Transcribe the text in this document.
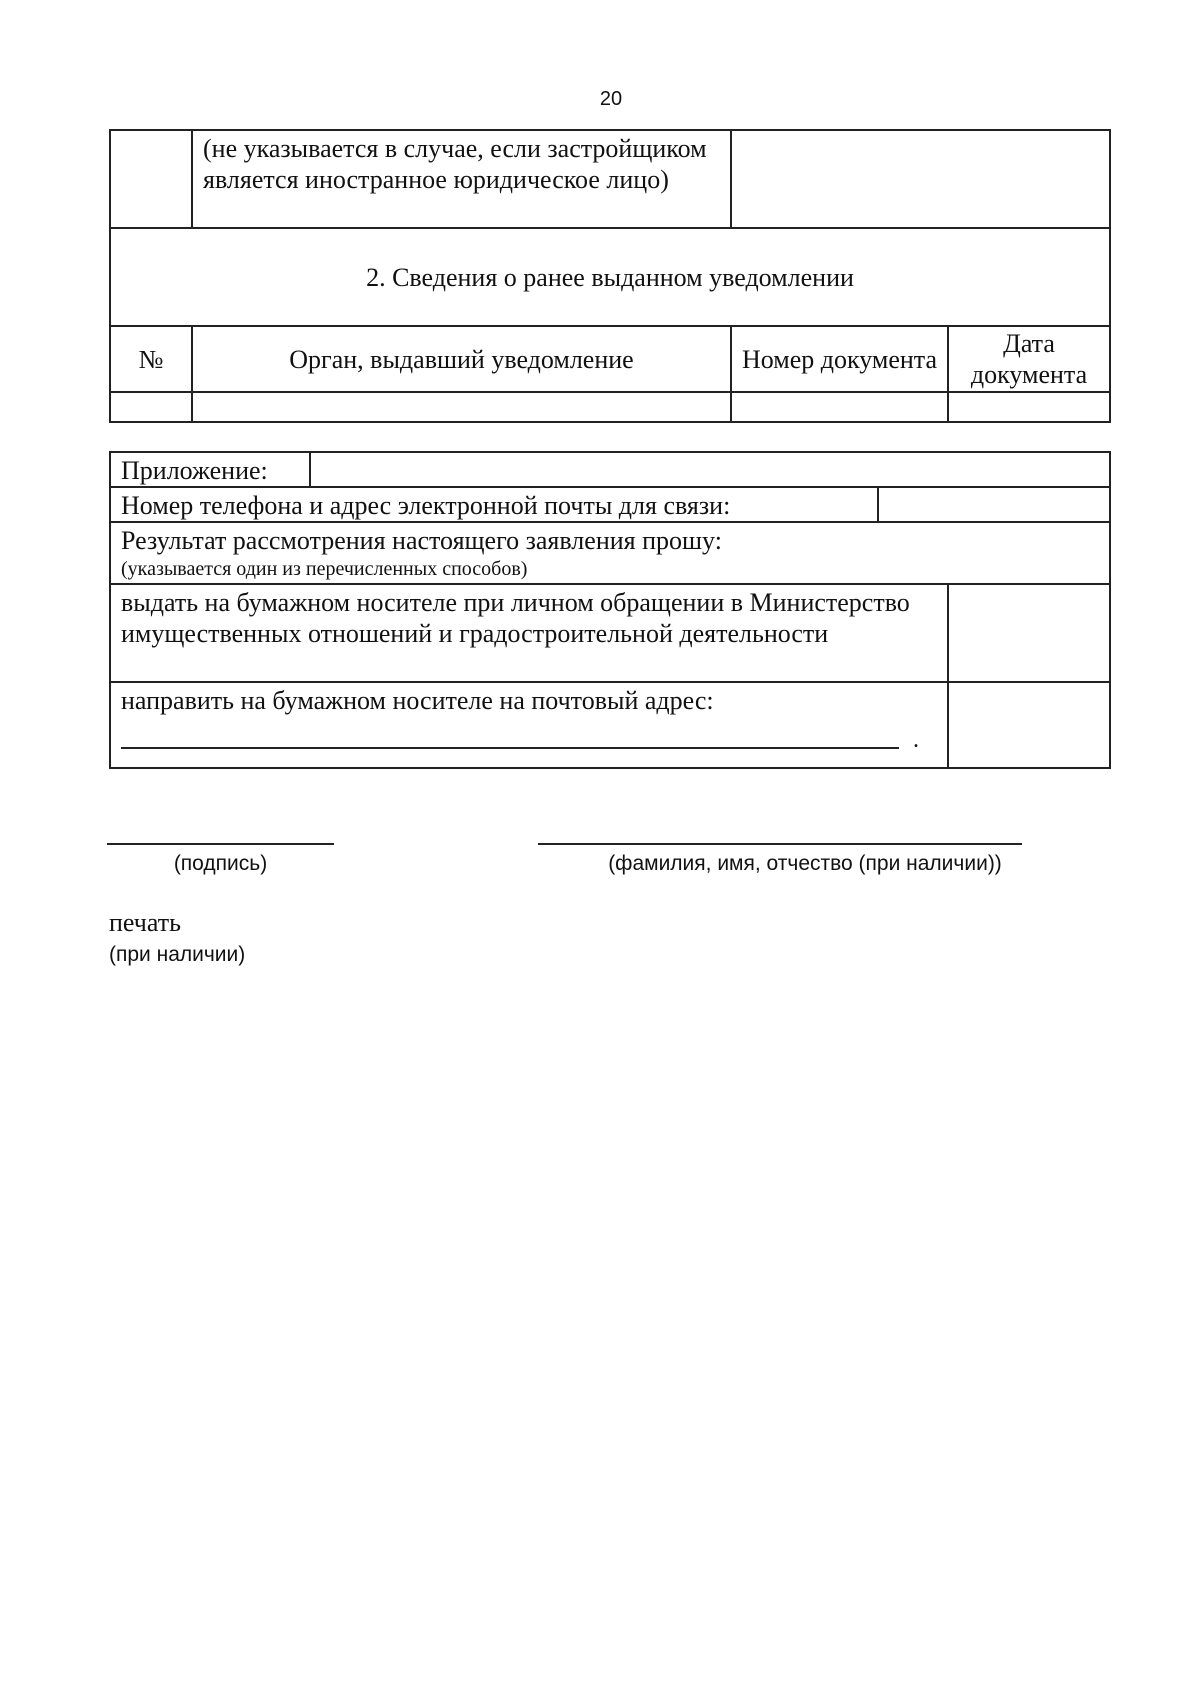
20

	(не указывается в случае, если застройщиком является иностранное юридическое лицо)		

2. Сведения о ранее выданном уведомлении			
№	Орган, выдавший уведомление	Номер документа	Дата документа

Приложение:			

Номер телефона и адрес электронной почты для связи:			

Результат рассмотрения настоящего заявления прошу:
(указывается один из перечисленных способов)			

выдать на бумажном носителе при личном обращении в Министерство имущественных отношений и градостроительной деятельности			

направить на бумажном носителе на почтовый адрес:
.			

(подпись)	(фамилия, имя, отчество (при наличии))
печать
(при наличии)
